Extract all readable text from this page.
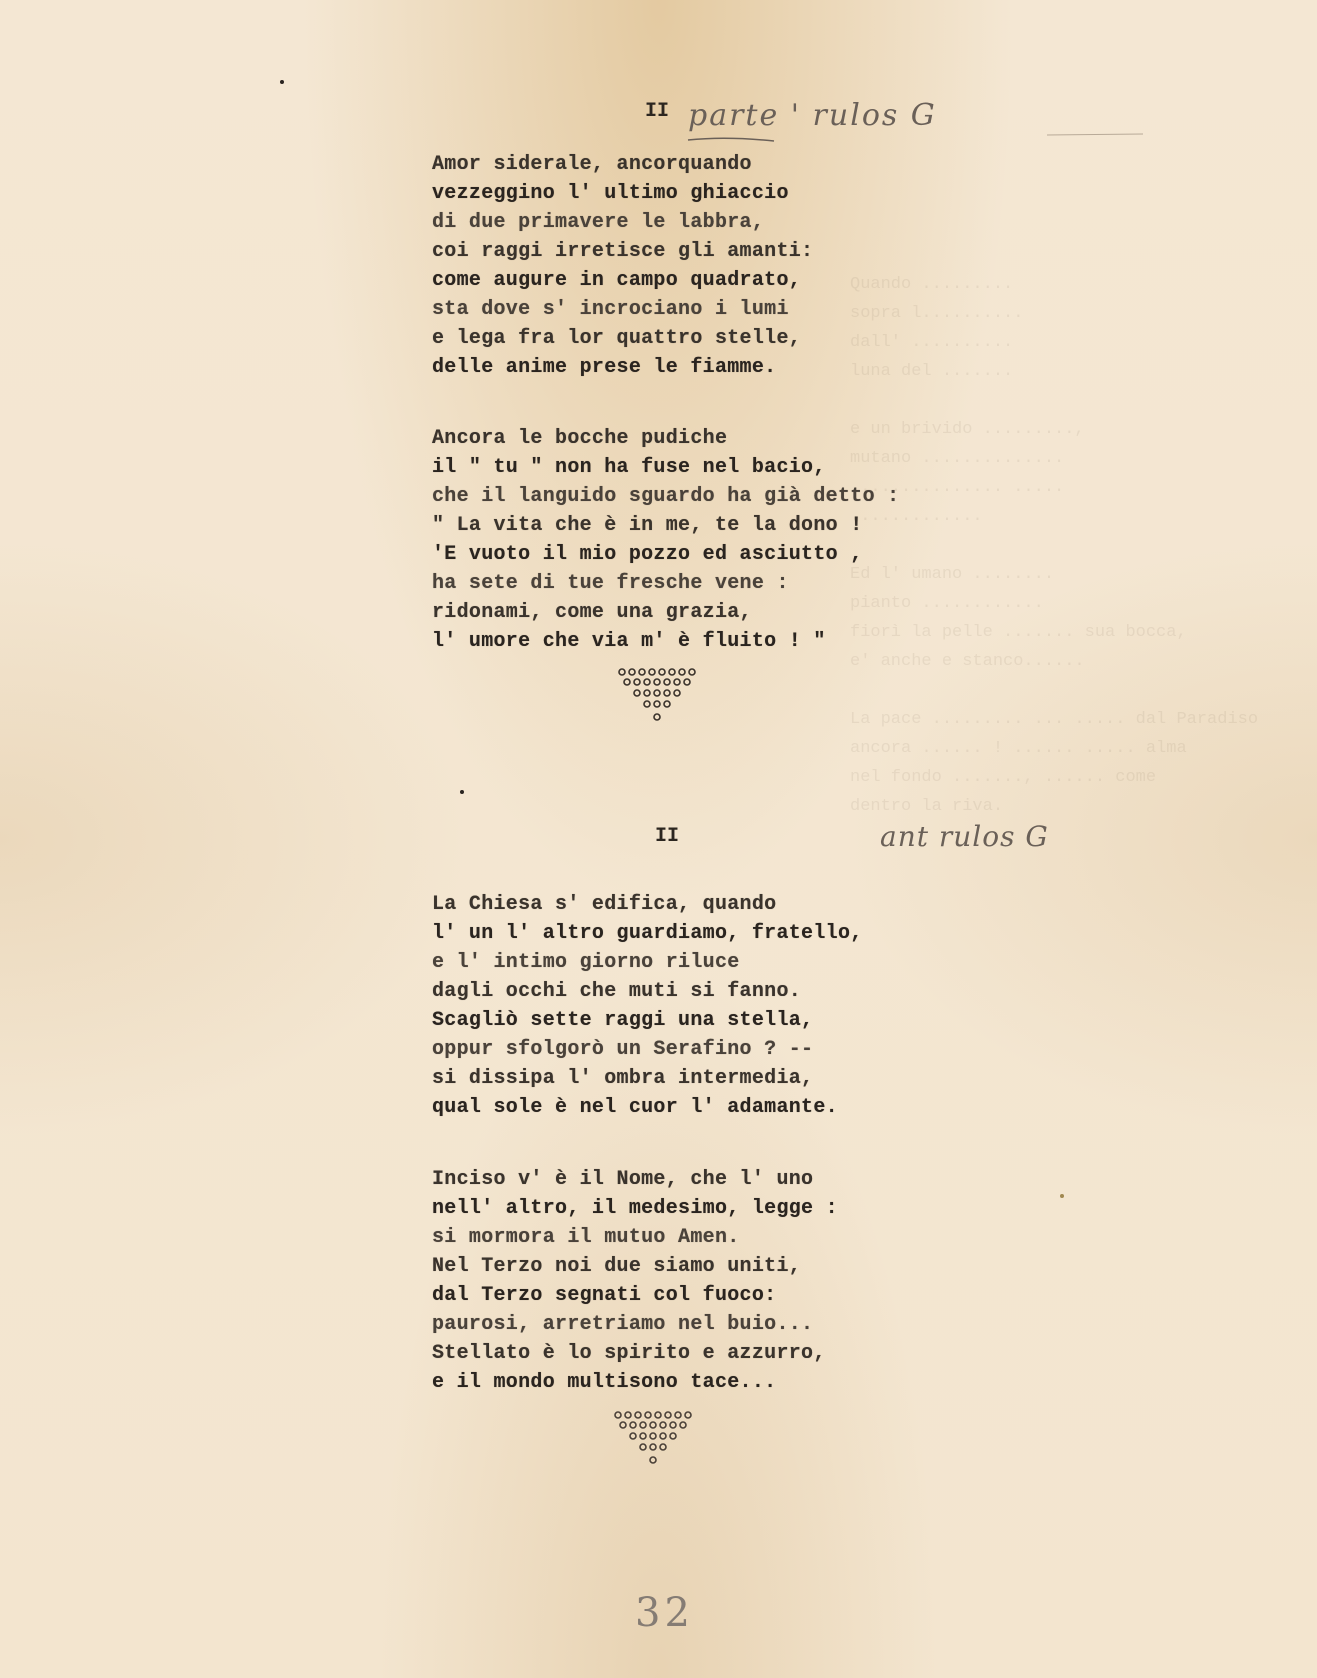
Quando .........
sopra l..........
dall' ..........
luna del .......

e un brivido .........,
mutano ..............
............... .....
.............

Ed l' umano ........
pianto ............
fiorì la pelle ....... sua bocca,
e' anche e stanco......

La pace ......... ... ..... dal Paradiso
ancora ...... ! ...... ..... alma
nel fondo ......., ...... come
dentro la riva.
II parte ' rulos G
Amor siderale, ancorquando
vezzeggino l' ultimo ghiaccio
di due primavere le labbra,
coi raggi irretisce gli amanti:
come augure in campo quadrato,
sta dove s' incrociano i lumi
e lega fra lor quattro stelle,
delle anime prese le fiamme.
Ancora le bocche pudiche
il " tu " non ha fuse nel bacio,
che il languido sguardo ha già detto :
" La vita che è in me, te la dono !
'E vuoto il mio pozzo ed asciutto ,
ha sete di tue fresche vene :
ridonami, come una grazia,
l' umore che via m' è fluito ! "
II	ant rulos G
La Chiesa s' edifica, quando
l' un l' altro guardiamo, fratello,
e l' intimo giorno riluce
dagli occhi che muti si fanno.
Scagliò sette raggi una stella,
oppur sfolgorò un Serafino ? --
si dissipa l' ombra intermedia,
qual sole è nel cuor l' adamante.
Inciso v' è il Nome, che l' uno
nell' altro, il medesimo, legge :
si mormora il mutuo Amen.
Nel Terzo noi due siamo uniti,
dal Terzo segnati col fuoco:
paurosi, arretriamo nel buio...
Stellato è lo spirito e azzurro,
e il mondo multisono tace...
32
